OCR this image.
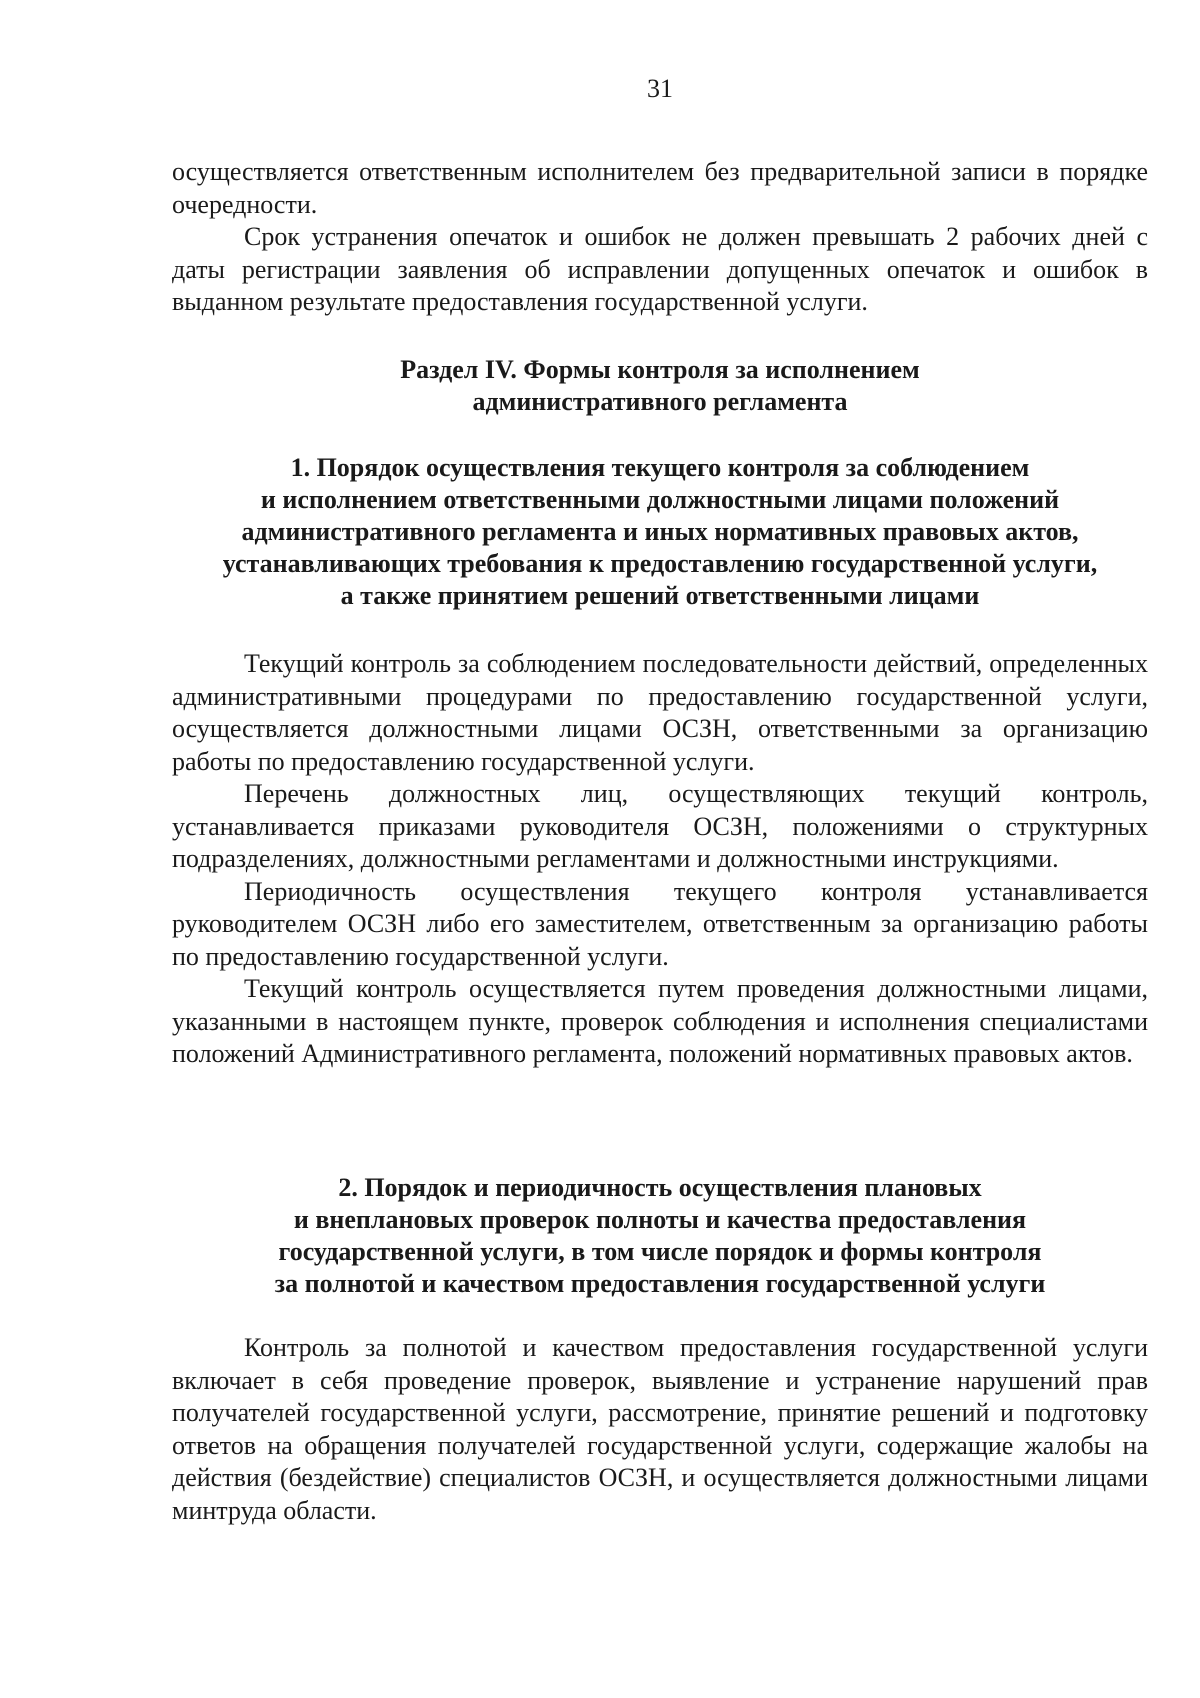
31

осуществляется ответственным исполнителем без предварительной записи в порядке очередности.

Срок устранения опечаток и ошибок не должен превышать 2 рабочих дней с даты регистрации заявления об исправлении допущенных опечаток и ошибок в выданном результате предоставления государственной услуги.

Раздел IV. Формы контроля за исполнением
административного регламента
1. Порядок осуществления текущего контроля за соблюдением
и исполнением ответственными должностными лицами положений
административного регламента и иных нормативных правовых актов,
устанавливающих требования к предоставлению государственной услуги,
а также принятием решений ответственными лицами

Текущий контроль за соблюдением последовательности действий, определенных административными процедурами по предоставлению государственной услуги, осуществляется должностными лицами ОСЗН, ответственными за организацию работы по предоставлению государственной услуги.

Перечень должностных лиц, осуществляющих текущий контроль, устанавливается приказами руководителя ОСЗН, положениями о структурных подразделениях, должностными регламентами и должностными инструкциями.

Периодичность осуществления текущего контроля устанавливается руководителем ОСЗН либо его заместителем, ответственным за организацию работы по предоставлению государственной услуги.

Текущий контроль осуществляется путем проведения должностными лицами, указанными в настоящем пункте, проверок соблюдения и исполнения специалистами положений Административного регламента, положений нормативных правовых актов.

2. Порядок и периодичность осуществления плановых
и внеплановых проверок полноты и качества предоставления
государственной услуги, в том числе порядок и формы контроля
за полнотой и качеством предоставления государственной услуги

Контроль за полнотой и качеством предоставления государственной услуги включает в себя проведение проверок, выявление и устранение нарушений прав получателей государственной услуги, рассмотрение, принятие решений и подготовку ответов на обращения получателей государственной услуги, содержащие жалобы на действия (бездействие) специалистов ОСЗН, и осуществляется должностными лицами минтруда области.
